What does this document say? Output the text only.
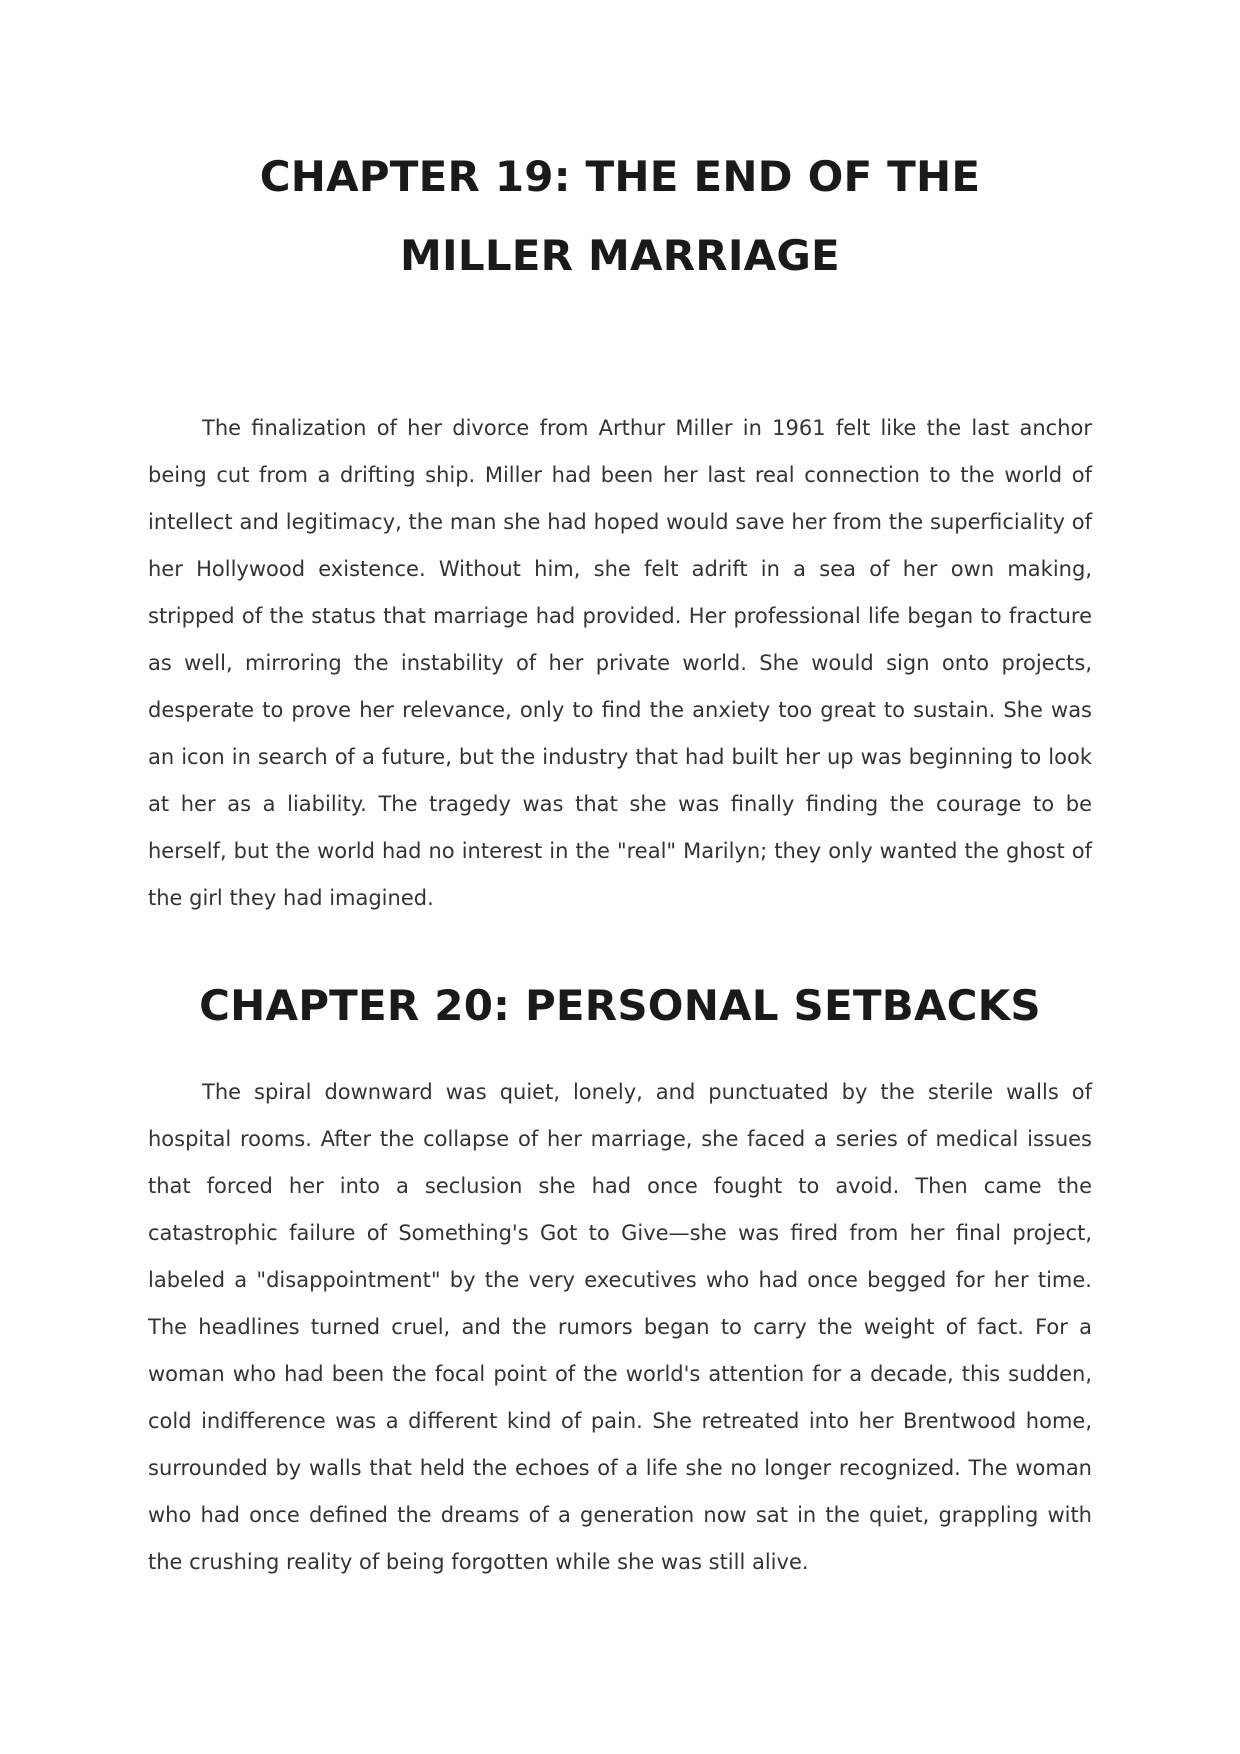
CHAPTER 19: THE END OF THE MILLER MARRIAGE

The finalization of her divorce from Arthur Miller in 1961 felt like the last anchor being cut from a drifting ship. Miller had been her last real connection to the world of intellect and legitimacy, the man she had hoped would save her from the superficiality of her Hollywood existence. Without him, she felt adrift in a sea of her own making, stripped of the status that marriage had provided. Her professional life began to fracture as well, mirroring the instability of her private world. She would sign onto projects, desperate to prove her relevance, only to find the anxiety too great to sustain. She was an icon in search of a future, but the industry that had built her up was beginning to look at her as a liability. The tragedy was that she was finally finding the courage to be herself, but the world had no interest in the "real" Marilyn; they only wanted the ghost of the girl they had imagined.

CHAPTER 20: PERSONAL SETBACKS

The spiral downward was quiet, lonely, and punctuated by the sterile walls of hospital rooms. After the collapse of her marriage, she faced a series of medical issues that forced her into a seclusion she had once fought to avoid. Then came the catastrophic failure of Something's Got to Give—she was fired from her final project, labeled a "disappointment" by the very executives who had once begged for her time. The headlines turned cruel, and the rumors began to carry the weight of fact. For a woman who had been the focal point of the world's attention for a decade, this sudden, cold indifference was a different kind of pain. She retreated into her Brentwood home, surrounded by walls that held the echoes of a life she no longer recognized. The woman who had once defined the dreams of a generation now sat in the quiet, grappling with the crushing reality of being forgotten while she was still alive.
